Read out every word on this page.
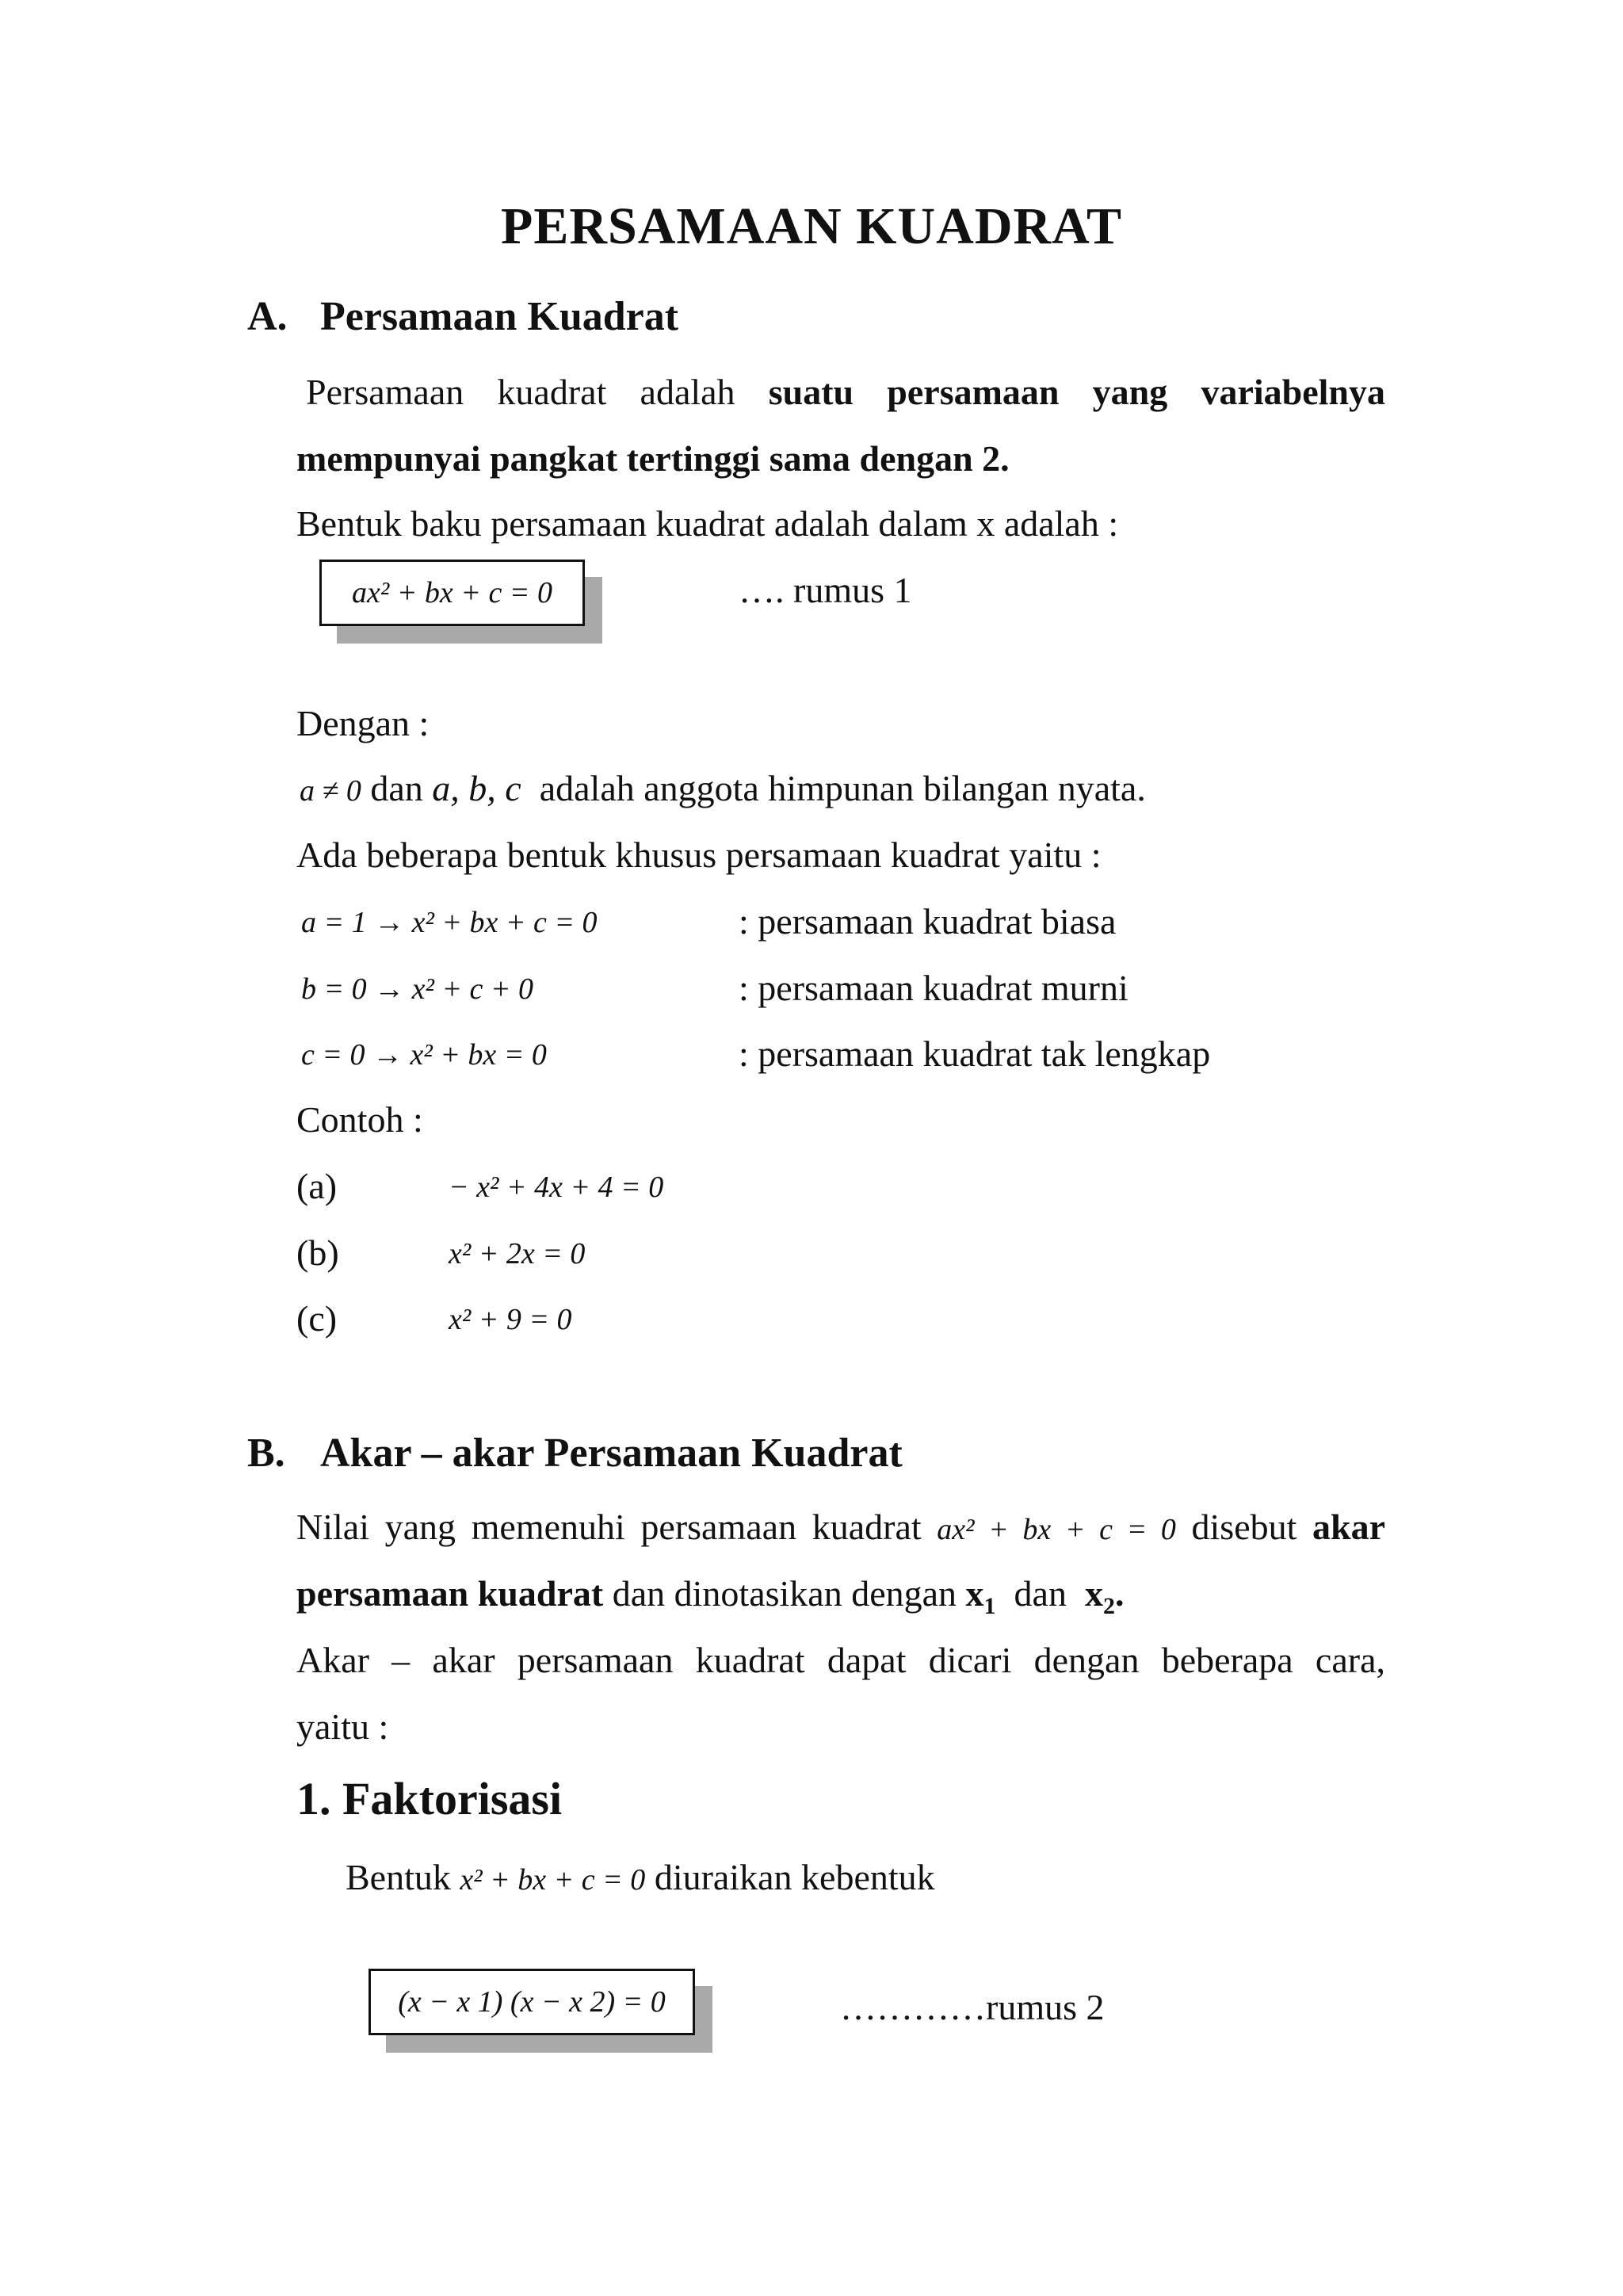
PERSAMAAN KUADRAT
A. Persamaan Kuadrat
Persamaan kuadrat adalah suatu persamaan yang variabelnya
mempunyai pangkat tertinggi sama dengan 2.
Bentuk baku persamaan kuadrat adalah dalam x adalah :
ax² + bx + c = 0	…. rumus 1
Dengan :
a ≠ 0 dan a, b, c adalah anggota himpunan bilangan nyata.
Ada beberapa bentuk khusus persamaan kuadrat yaitu :
a = 1 → x² + bx + c = 0	: persamaan kuadrat biasa
b = 0 → x² + c + 0	: persamaan kuadrat murni
c = 0 → x² + bx = 0	: persamaan kuadrat tak lengkap
Contoh :
(a)	− x² + 4x + 4 = 0
(b)	x² + 2x = 0
(c)	x² + 9 = 0
B. Akar – akar Persamaan Kuadrat
Nilai yang memenuhi persamaan kuadrat ax² + bx + c = 0 disebut akar
persamaan kuadrat dan dinotasikan dengan $x_1$ dan $x_2$.
Akar – akar persamaan kuadrat dapat dicari dengan beberapa cara,
yaitu :
1. Faktorisasi
Bentuk x² + bx + c = 0 diuraikan kebentuk
(x − x 1) (x − x 2) = 0	…………rumus 2
